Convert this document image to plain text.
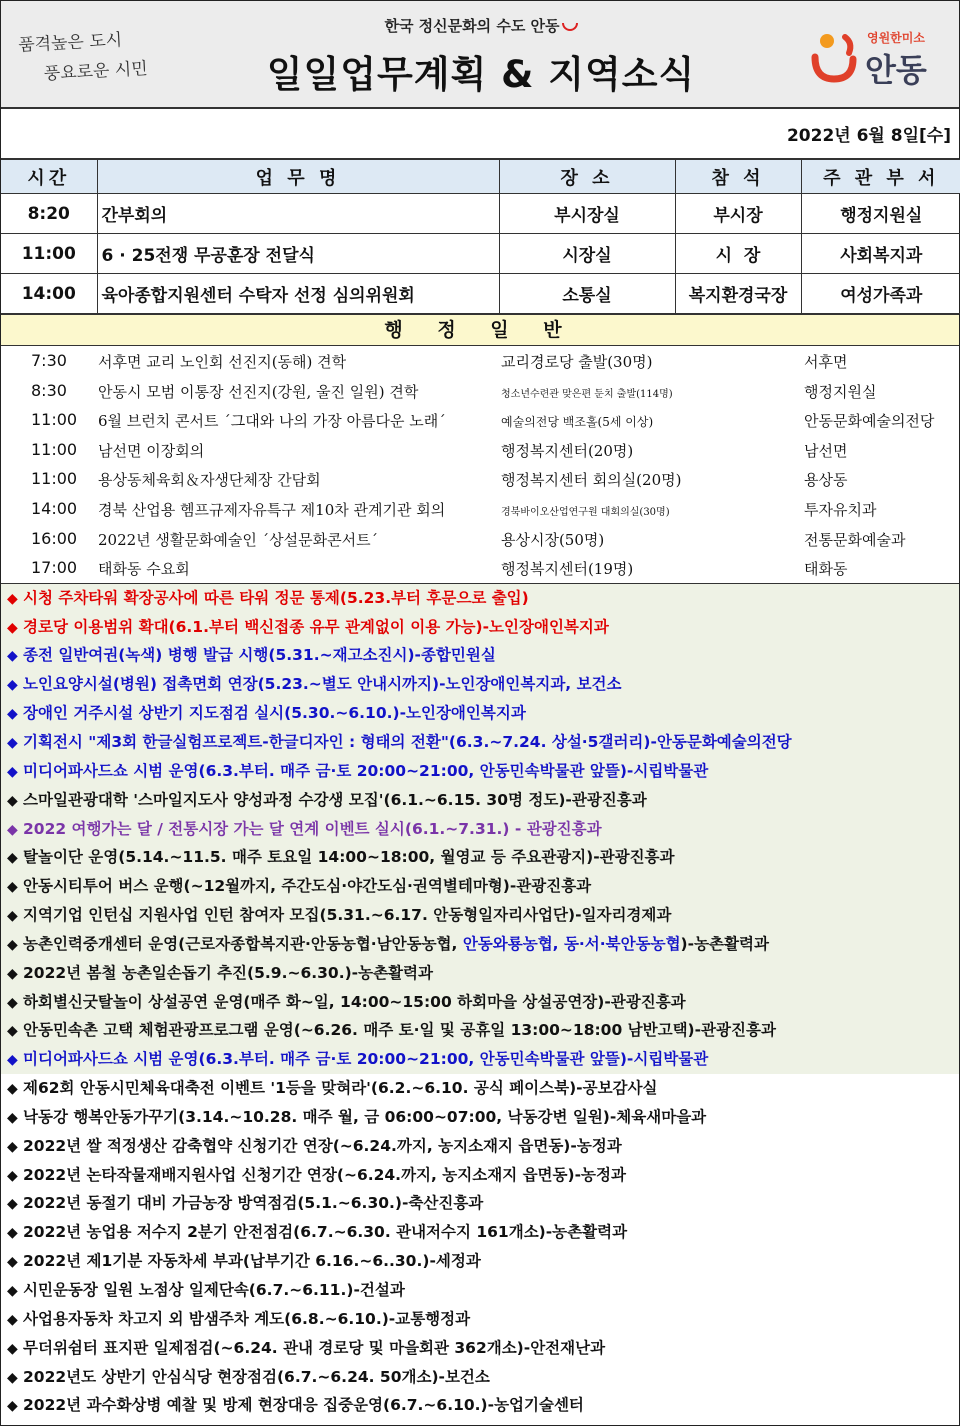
품격높은 도시
풍요로운 시민
한국 정신문화의 수도 안동
일일업무계획 & 지역소식
영원한미소
안동
2022년 6월 8일[수]
시간	업 무 명	장 소	참 석	주 관 부 서
8:20	간부회의	부시장실	부시장	행정지원실
11:00	6 · 25전쟁 무공훈장 전달식	시장실	시  장	사회복지과
14:00	육아종합지원센터 수탁자 선정 심의위원회	소통실	복지환경국장	여성가족과
행 정 일 반
7:30	서후면 교리 노인회 선진지(동해) 견학	교리경로당 출발(30명)	서후면
8:30	안동시 모범 이통장 선진지(강원, 울진 일원) 견학	청소년수련관 맞은편 둔치 출발(114명)	행정지원실
11:00 6월 브런치 콘서트 ´그대와 나의 가장 아름다운 노래´	예술의전당 백조홀(5세 이상)	안동문화예술의전당
11:00 남선면 이장회의	행정복지센터(20명)	남선면
11:00 용상동체육회＆자생단체장 간담회	행정복지센터 회의실(20명)	용상동
14:00 경북 산업용 헴프규제자유특구 제10차 관계기관 회의	경북바이오산업연구원 대회의실(30명)	투자유치과
16:00 2022년 생활문화예술인 ´상설문화콘서트´	용상시장(50명)	전통문화예술과
17:00 태화동 수요회	행정복지센터(19명)	태화동
◆ 시청 주차타워 확장공사에 따른 타워 정문 통제(5.23.부터 후문으로 출입)
◆ 경로당 이용범위 확대(6.1.부터 백신접종 유무 관계없이 이용 가능)-노인장애인복지과
◆ 종전 일반여권(녹색) 병행 발급 시행(5.31.~재고소진시)-종합민원실
◆ 노인요양시설(병원) 접촉면회 연장(5.23.~별도 안내시까지)-노인장애인복지과, 보건소
◆ 장애인 거주시설 상반기 지도점검 실시(5.30.~6.10.)-노인장애인복지과
◆ 기획전시 "제3회 한글실험프로젝트-한글디자인 : 형태의 전환"(6.3.~7.24. 상설·5갤러리)-안동문화예술의전당
◆ 미디어파사드쇼 시범 운영(6.3.부터. 매주 금·토 20:00~21:00, 안동민속박물관 앞뜰)-시립박물관
◆ 스마일관광대학 '스마일지도사 양성과정 수강생 모집'(6.1.~6.15. 30명 정도)-관광진흥과
◆ 2022 여행가는 달 / 전통시장 가는 달 연계 이벤트 실시(6.1.~7.31.) - 관광진흥과
◆ 탈놀이단 운영(5.14.~11.5. 매주 토요일 14:00~18:00, 월영교 등 주요관광지)-관광진흥과
◆ 안동시티투어 버스 운행(~12월까지, 주간도심·야간도심·권역별테마형)-관광진흥과
◆ 지역기업 인턴십 지원사업 인턴 참여자 모집(5.31.~6.17. 안동형일자리사업단)-일자리경제과
◆ 농촌인력중개센터 운영(근로자종합복지관·안동농협·남안동농협, 안동와룡농협, 동·서·북안동농협)-농촌활력과
◆ 2022년 봄철 농촌일손돕기 추진(5.9.~6.30.)-농촌활력과
◆ 하회별신굿탈놀이 상설공연 운영(매주 화~일, 14:00~15:00 하회마을 상설공연장)-관광진흥과
◆ 안동민속촌 고택 체험관광프로그램 운영(~6.26. 매주 토·일 및 공휴일 13:00~18:00 남반고택)-관광진흥과
◆ 미디어파사드쇼 시범 운영(6.3.부터. 매주 금·토 20:00~21:00, 안동민속박물관 앞뜰)-시립박물관
◆ 제62회 안동시민체육대축전 이벤트 '1등을 맞혀라'(6.2.~6.10. 공식 페이스북)-공보감사실
◆ 낙동강 행복안동가꾸기(3.14.~10.28. 매주 월, 금 06:00~07:00, 낙동강변 일원)-체육새마을과
◆ 2022년 쌀 적정생산 감축협약 신청기간 연장(~6.24.까지, 농지소재지 읍면동)-농정과
◆ 2022년 논타작물재배지원사업 신청기간 연장(~6.24.까지, 농지소재지 읍면동)-농정과
◆ 2022년 동절기 대비 가금농장 방역점검(5.1.~6.30.)-축산진흥과
◆ 2022년 농업용 저수지 2분기 안전점검(6.7.~6.30. 관내저수지 161개소)-농촌활력과
◆ 2022년 제1기분 자동차세 부과(납부기간 6.16.~6..30.)-세정과
◆ 시민운동장 일원 노점상 일제단속(6.7.~6.11.)-건설과
◆ 사업용자동차 차고지 외 밤샘주차 계도(6.8.~6.10.)-교통행정과
◆ 무더위쉼터 표지판 일제점검(~6.24. 관내 경로당 및 마을회관 362개소)-안전재난과
◆ 2022년도 상반기 안심식당 현장점검(6.7.~6.24. 50개소)-보건소
◆ 2022년 과수화상병 예찰 및 방제 현장대응 집중운영(6.7.~6.10.)-농업기술센터
